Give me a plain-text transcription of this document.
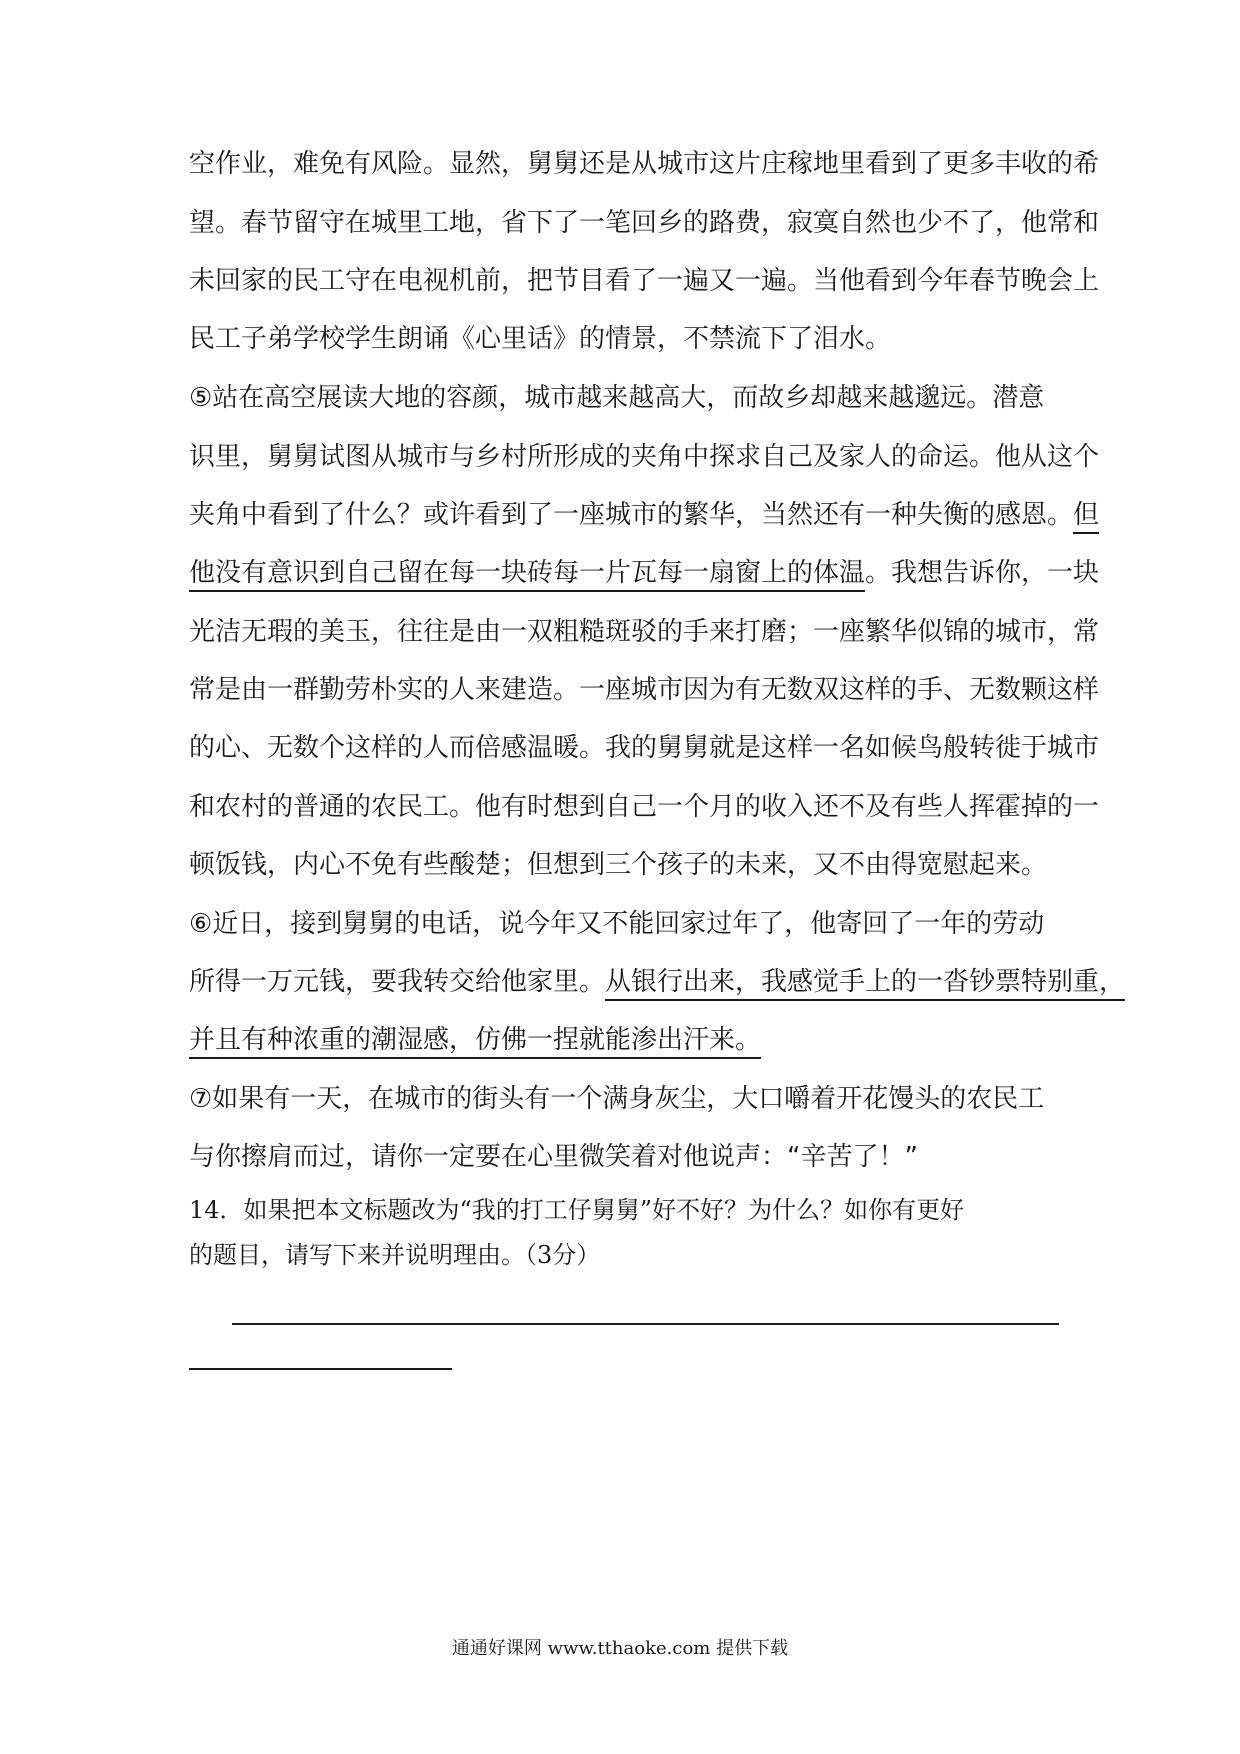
空作业，难免有风险。显然，舅舅还是从城市这片庄稼地里看到了更多丰收的希
望。春节留守在城里工地，省下了一笔回乡的路费，寂寞自然也少不了，他常和
未回家的民工守在电视机前，把节目看了一遍又一遍。当他看到今年春节晚会上
民工子弟学校学生朗诵《心里话》的情景，不禁流下了泪水。
⑤站在高空展读大地的容颜，城市越来越高大，而故乡却越来越邈远。潜意
识里，舅舅试图从城市与乡村所形成的夹角中探求自己及家人的命运。他从这个
夹角中看到了什么？或许看到了一座城市的繁华，当然还有一种失衡的感恩。但
他没有意识到自己留在每一块砖每一片瓦每一扇窗上的体温。我想告诉你，一块
光洁无瑕的美玉，往往是由一双粗糙斑驳的手来打磨；一座繁华似锦的城市，常
常是由一群勤劳朴实的人来建造。一座城市因为有无数双这样的手、无数颗这样
的心、无数个这样的人而倍感温暖。我的舅舅就是这样一名如候鸟般转徙于城市
和农村的普通的农民工。他有时想到自己一个月的收入还不及有些人挥霍掉的一
顿饭钱，内心不免有些酸楚；但想到三个孩子的未来，又不由得宽慰起来。
⑥近日，接到舅舅的电话，说今年又不能回家过年了，他寄回了一年的劳动
所得一万元钱，要我转交给他家里。从银行出来，我感觉手上的一沓钞票特别重，
并且有种浓重的潮湿感，仿佛一捏就能渗出汗来。
⑦如果有一天，在城市的街头有一个满身灰尘，大口嚼着开花馒头的农民工
与你擦肩而过，请你一定要在心里微笑着对他说声：“辛苦了！”
14．如果把本文标题改为“我的打工仔舅舅”好不好？为什么？如你有更好
的题目，请写下来并说明理由。（3分）
通通好课网 www.tthaoke.com 提供下载
